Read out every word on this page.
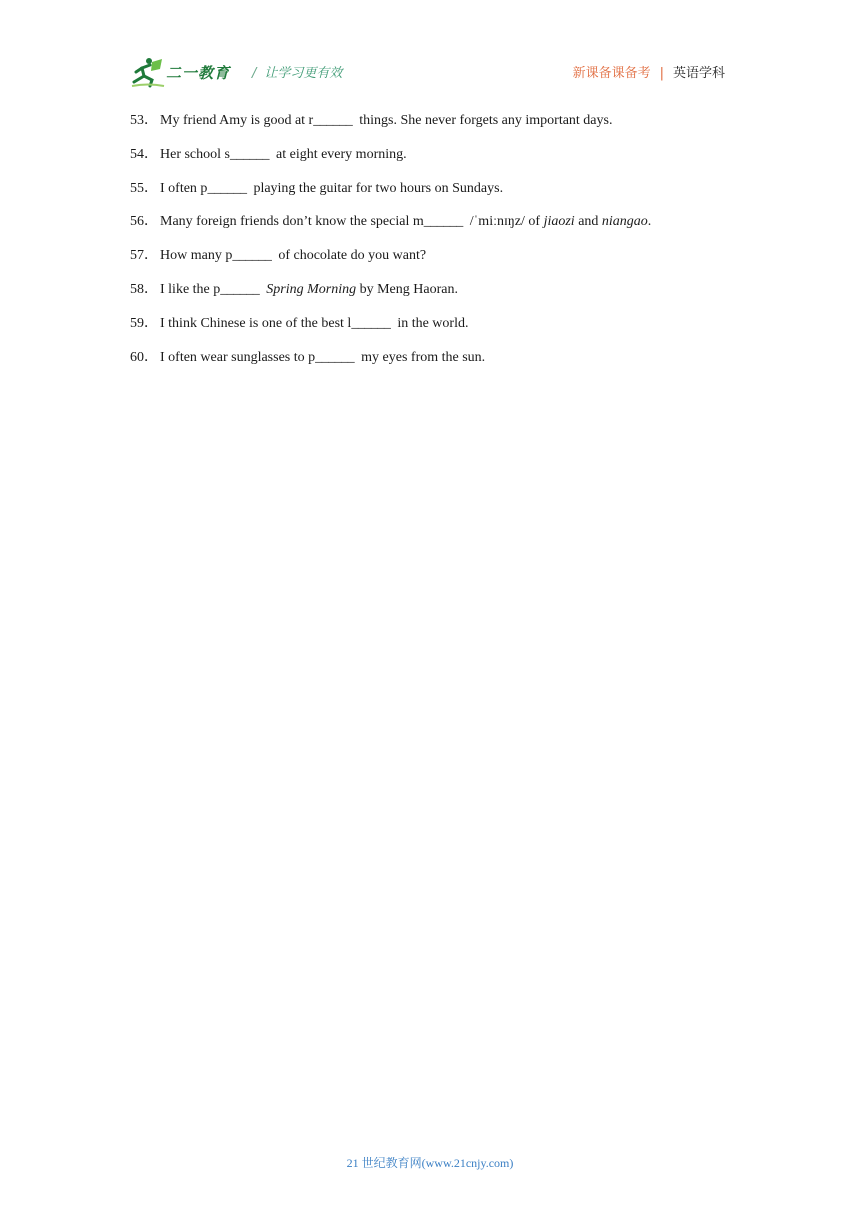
二一教育 / 让学习更有效	新课备课备考 | 英语学科
53． My friend Amy is good at r______  things. She never forgets any important days.
54． Her school s______  at eight every morning.
55． I often p______  playing the guitar for two hours on Sundays.
56． Many foreign friends don’t know the special m______  /ˈmiːnɪŋz/ of jiaozi and niangao.
57． How many p______  of chocolate do you want?
58． I like the p______ Spring Morning by Meng Haoran.
59． I think Chinese is one of the best l______  in the world.
60． I often wear sunglasses to p______  my eyes from the sun.
21 世纪教育网(www.21cnjy.com)
